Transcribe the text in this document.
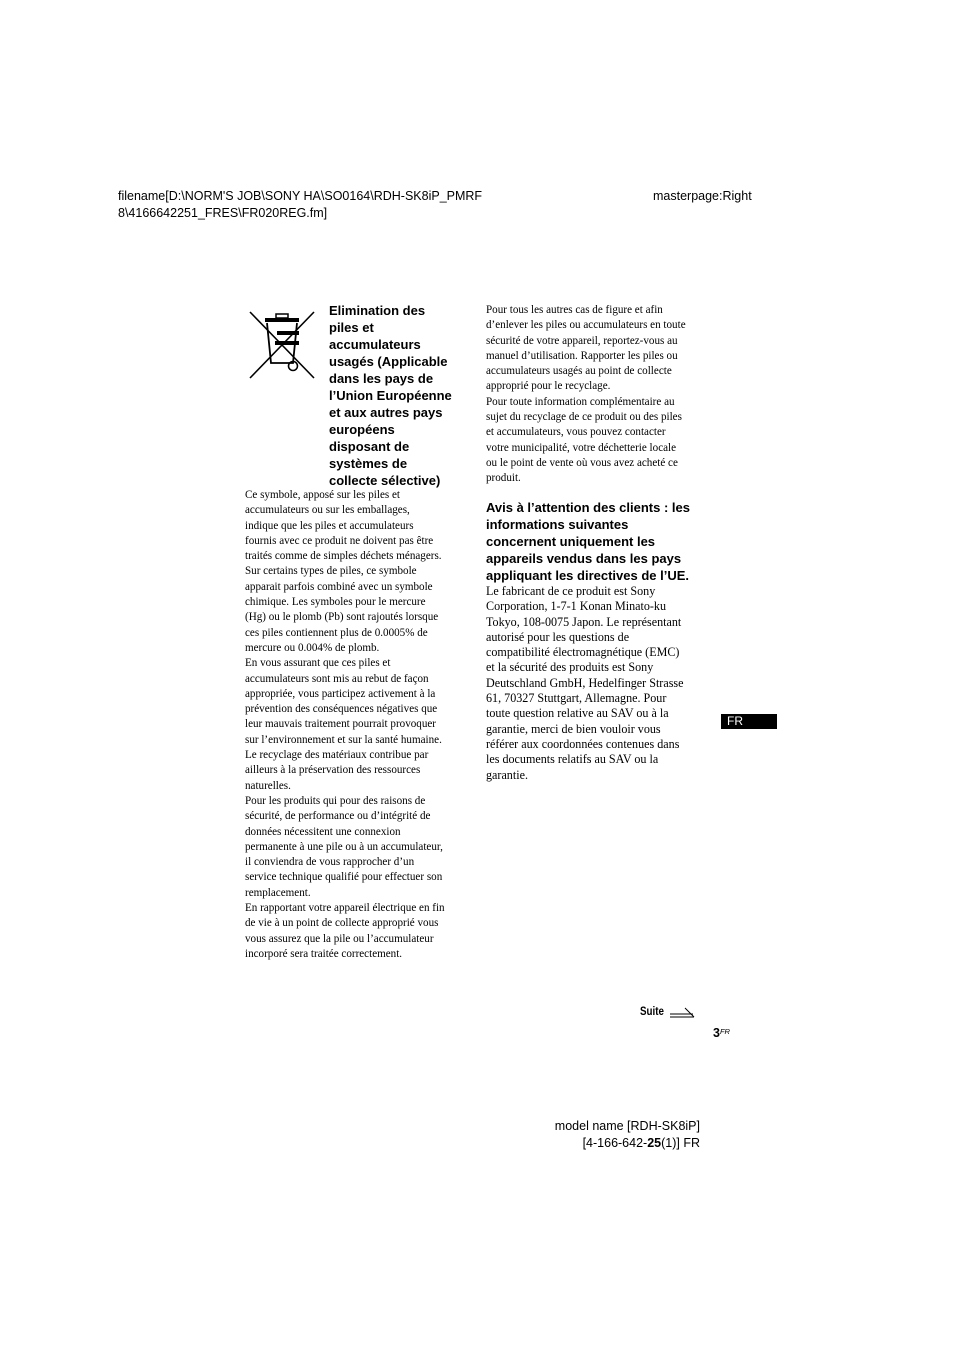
filename[D:\NORM'S JOB\SONY HA\SO0164\RDH-SK8iP_PMRF
8\4166642251_FRES\FR020REG.fm]
masterpage:Right
Elimination des
piles et
accumulateurs
usagés (Applicable
dans les pays de
l’Union Européenne
et aux autres pays
européens
disposant de
systèmes de
collecte sélective)
Ce symbole, apposé sur les piles et
accumulateurs ou sur les emballages,
indique que les piles et accumulateurs
fournis avec ce produit ne doivent pas être
traités comme de simples déchets ménagers.
Sur certains types de piles, ce symbole
apparait parfois combiné avec un symbole
chimique. Les symboles pour le mercure
(Hg) ou le plomb (Pb) sont rajoutés lorsque
ces piles contiennent plus de 0.0005% de
mercure ou 0.004% de plomb.
En vous assurant que ces piles et
accumulateurs sont mis au rebut de façon
appropriée, vous participez activement à la
prévention des conséquences négatives que
leur mauvais traitement pourrait provoquer
sur l’environnement et sur la santé humaine.
Le recyclage des matériaux contribue par
ailleurs à la préservation des ressources
naturelles.
Pour les produits qui pour des raisons de
sécurité, de performance ou d’intégrité de
données nécessitent une connexion
permanente à une pile ou à un accumulateur,
il conviendra de vous rapprocher d’un
service technique qualifié pour effectuer son
remplacement.
En rapportant votre appareil électrique en fin
de vie à un point de collecte approprié vous
vous assurez que la pile ou l’accumulateur
incorporé sera traitée correctement.
Pour tous les autres cas de figure et afin
d’enlever les piles ou accumulateurs en toute
sécurité de votre appareil, reportez-vous au
manuel d’utilisation. Rapporter les piles ou
accumulateurs usagés au point de collecte
approprié pour le recyclage.
Pour toute information complémentaire au
sujet du recyclage de ce produit ou des piles
et accumulateurs, vous pouvez contacter
votre municipalité, votre déchetterie locale
ou le point de vente où vous avez acheté ce
produit.
Avis à l’attention des clients : les
informations suivantes
concernent uniquement les
appareils vendus dans les pays
appliquant les directives de l’UE.
Le fabricant de ce produit est Sony
Corporation, 1-7-1 Konan Minato-ku
Tokyo, 108-0075 Japon. Le représentant
autorisé pour les questions de
compatibilité électromagnétique (EMC)
et la sécurité des produits est Sony
Deutschland GmbH, Hedelfinger Strasse
61, 70327 Stuttgart, Allemagne. Pour
toute question relative au SAV ou à la
garantie, merci de bien vouloir vous
référer aux coordonnées contenues dans
les documents relatifs au SAV ou la
garantie.
FR
Suite
$3^{FR}$
model name [RDH-SK8iP]
[4-166-642-25(1)] FR
